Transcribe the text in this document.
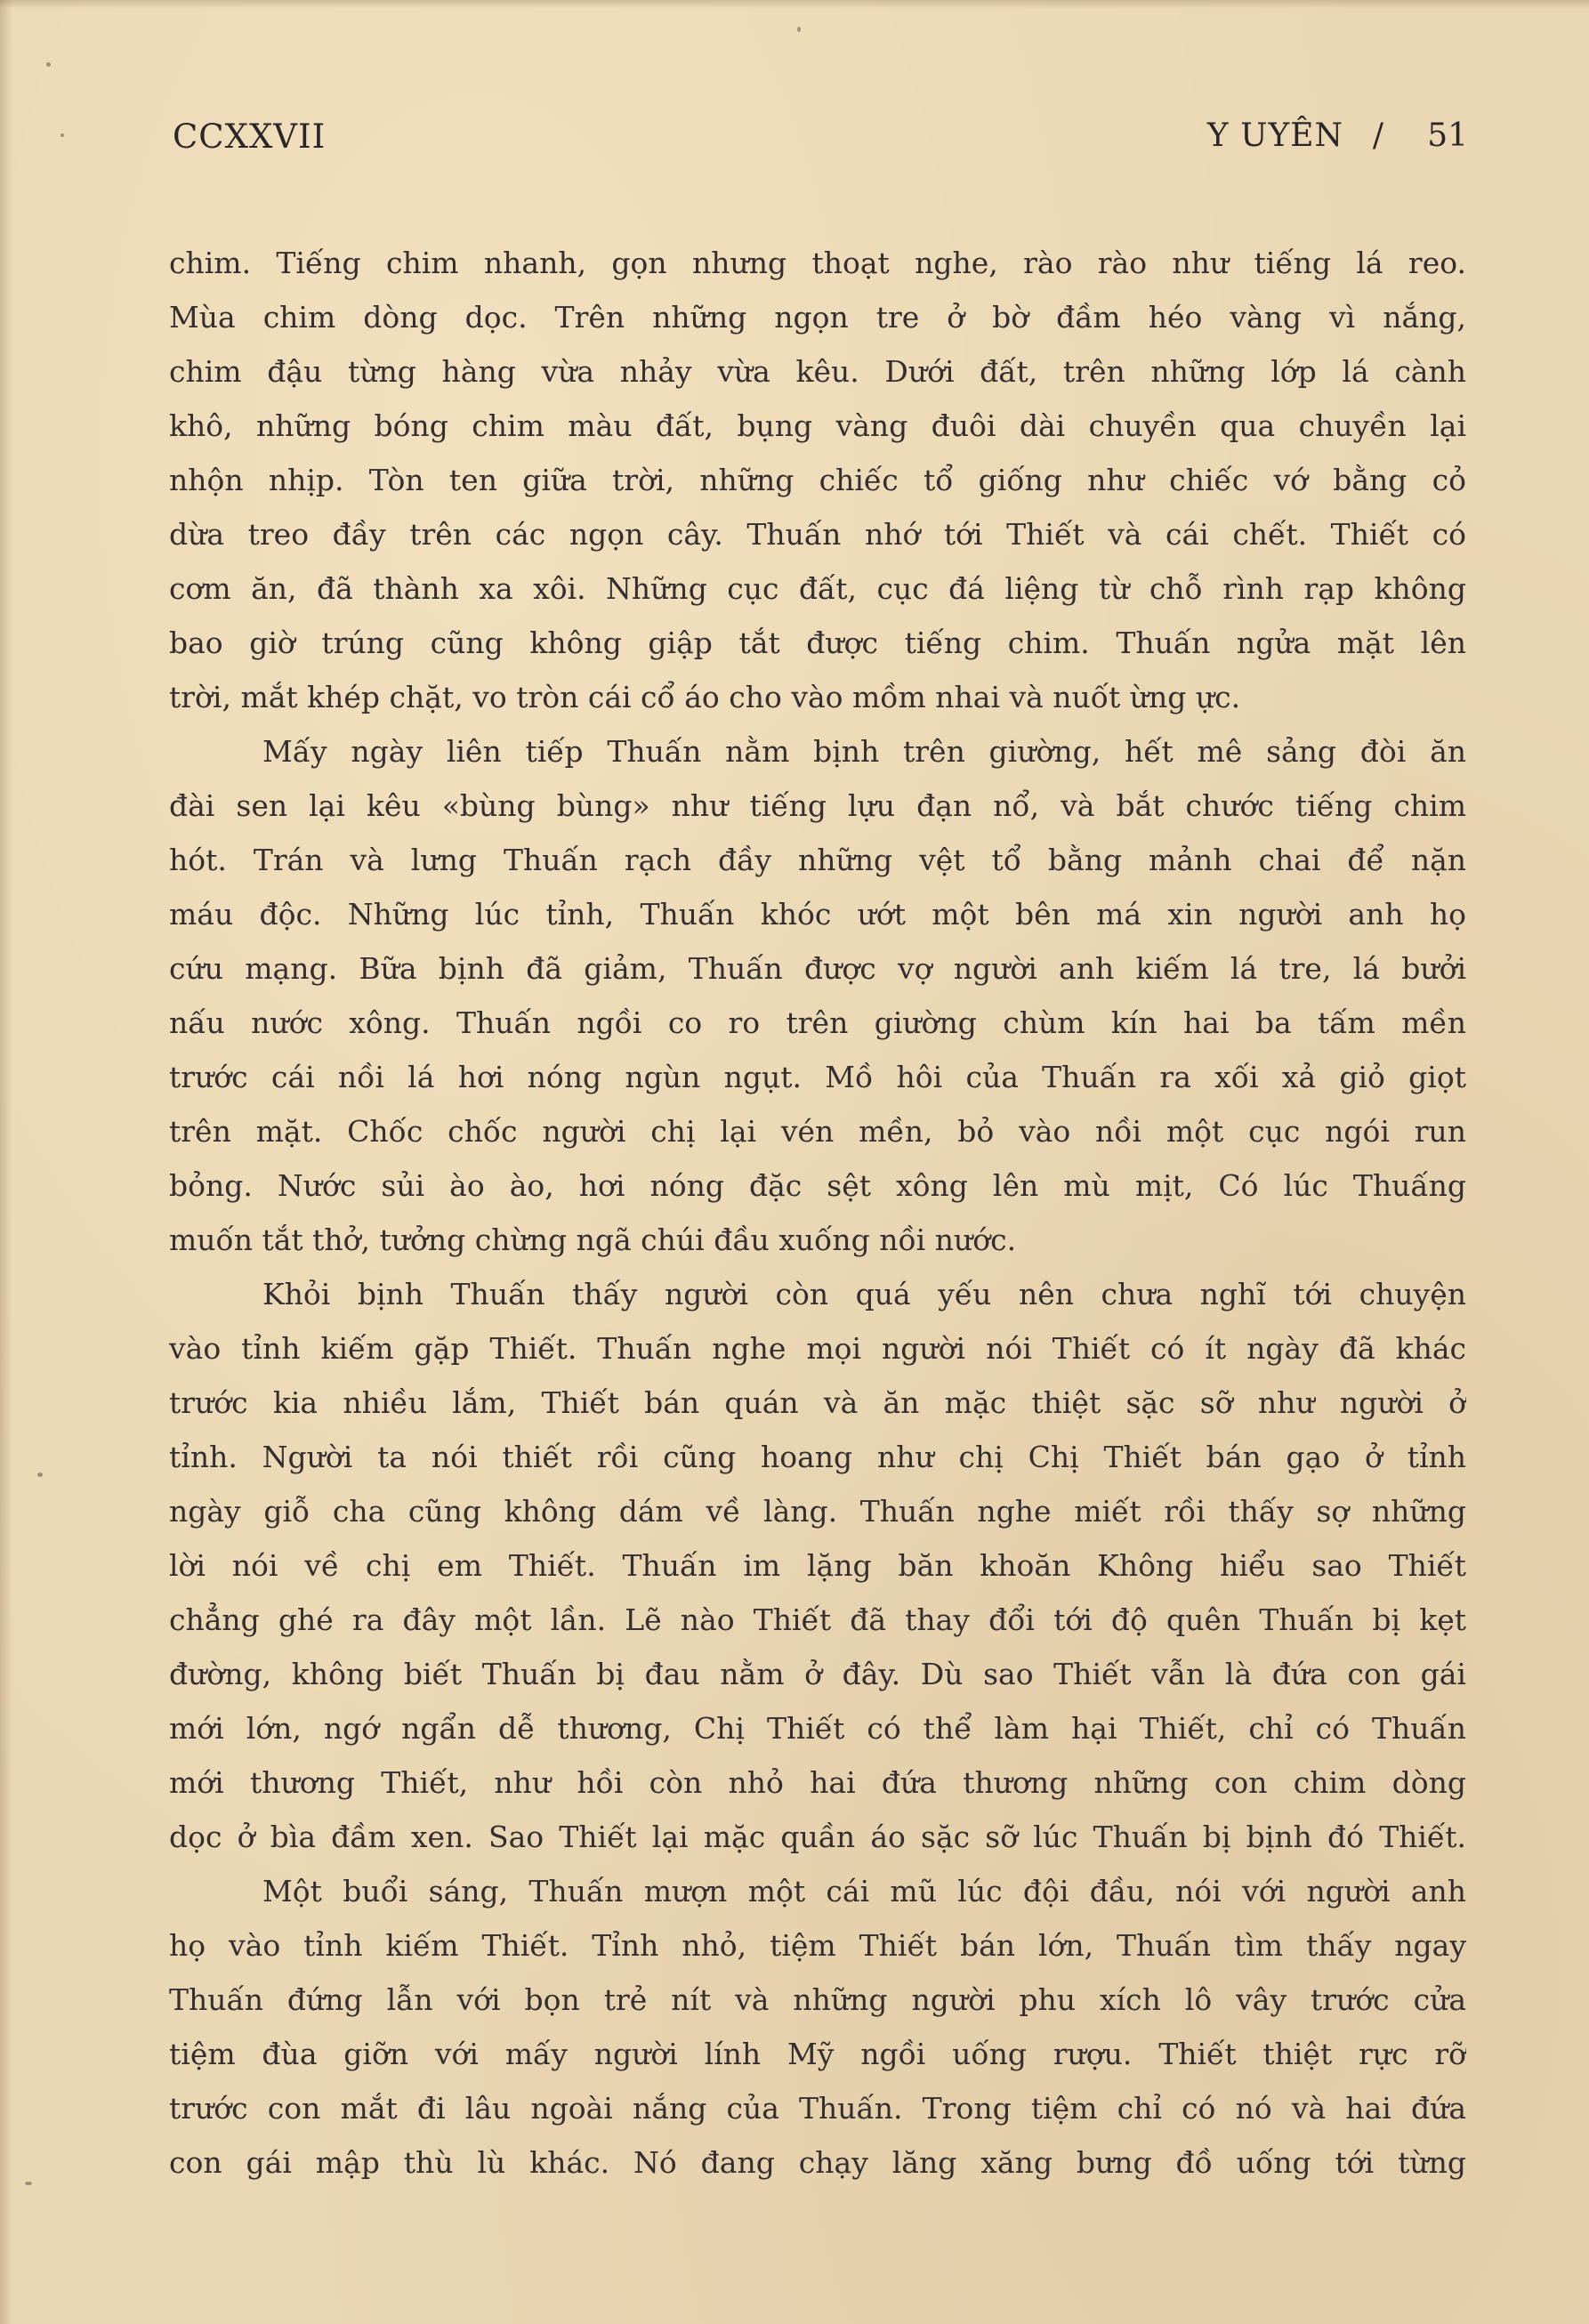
CCXXVII	Y UYÊN / 51
chim. Tiếng chim nhanh, gọn nhưng thoạt nghe, rào rào như tiếng lá reo.
Mùa chim dòng dọc. Trên những ngọn tre ở bờ đầm héo vàng vì nắng,
chim đậu từng hàng vừa nhảy vừa kêu. Dưới đất, trên những lớp lá cành
khô, những bóng chim màu đất, bụng vàng đuôi dài chuyền qua chuyền lại
nhộn nhịp. Tòn ten giữa trời, những chiếc tổ giống như chiếc vớ bằng cỏ
dừa treo đầy trên các ngọn cây. Thuấn nhớ tới Thiết và cái chết. Thiết có
cơm ăn, đã thành xa xôi. Những cục đất, cục đá liệng từ chỗ rình rạp không
bao giờ trúng cũng không giập tắt được tiếng chim. Thuấn ngửa mặt lên
trời, mắt khép chặt, vo tròn cái cổ áo cho vào mồm nhai và nuốt ừng ực.
Mấy ngày liên tiếp Thuấn nằm bịnh trên giường, hết mê sảng đòi ăn
đài sen lại kêu «bùng bùng» như tiếng lựu đạn nổ, và bắt chước tiếng chim
hót. Trán và lưng Thuấn rạch đầy những vệt tổ bằng mảnh chai để nặn
máu độc. Những lúc tỉnh, Thuấn khóc ướt một bên má xin người anh họ
cứu mạng. Bữa bịnh đã giảm, Thuấn được vợ người anh kiếm lá tre, lá bưởi
nấu nước xông. Thuấn ngồi co ro trên giường chùm kín hai ba tấm mền
trước cái nồi lá hơi nóng ngùn ngụt. Mồ hôi của Thuấn ra xối xả giỏ giọt
trên mặt. Chốc chốc người chị lại vén mền, bỏ vào nồi một cục ngói run
bỏng. Nước sủi ào ào, hơi nóng đặc sệt xông lên mù mịt, Có lúc Thuấng
muốn tắt thở, tưởng chừng ngã chúi đầu xuống nồi nước.
Khỏi bịnh Thuấn thấy người còn quá yếu nên chưa nghĩ tới chuyện
vào tỉnh kiếm gặp Thiết. Thuấn nghe mọi người nói Thiết có ít ngày đã khác
trước kia nhiều lắm, Thiết bán quán và ăn mặc thiệt sặc sỡ như người ở
tỉnh. Người ta nói thiết rồi cũng hoang như chị Chị Thiết bán gạo ở tỉnh
ngày giỗ cha cũng không dám về làng. Thuấn nghe miết rồi thấy sợ những
lời nói về chị em Thiết. Thuấn im lặng băn khoăn Không hiểu sao Thiết
chẳng ghé ra đây một lần. Lẽ nào Thiết đã thay đổi tới độ quên Thuấn bị kẹt
đường, không biết Thuấn bị đau nằm ở đây. Dù sao Thiết vẫn là đứa con gái
mới lớn, ngớ ngẩn dễ thương, Chị Thiết có thể làm hại Thiết, chỉ có Thuấn
mới thương Thiết, như hồi còn nhỏ hai đứa thương những con chim dòng
dọc ở bìa đầm xen. Sao Thiết lại mặc quần áo sặc sỡ lúc Thuấn bị bịnh đó Thiết.
Một buổi sáng, Thuấn mượn một cái mũ lúc đội đầu, nói với người anh
họ vào tỉnh kiếm Thiết. Tỉnh nhỏ, tiệm Thiết bán lớn, Thuấn tìm thấy ngay
Thuấn đứng lẫn với bọn trẻ nít và những người phu xích lô vây trước cửa
tiệm đùa giỡn với mấy người lính Mỹ ngồi uống rượu. Thiết thiệt rực rỡ
trước con mắt đi lâu ngoài nắng của Thuấn. Trong tiệm chỉ có nó và hai đứa
con gái mập thù lù khác. Nó đang chạy lăng xăng bưng đồ uống tới từng
